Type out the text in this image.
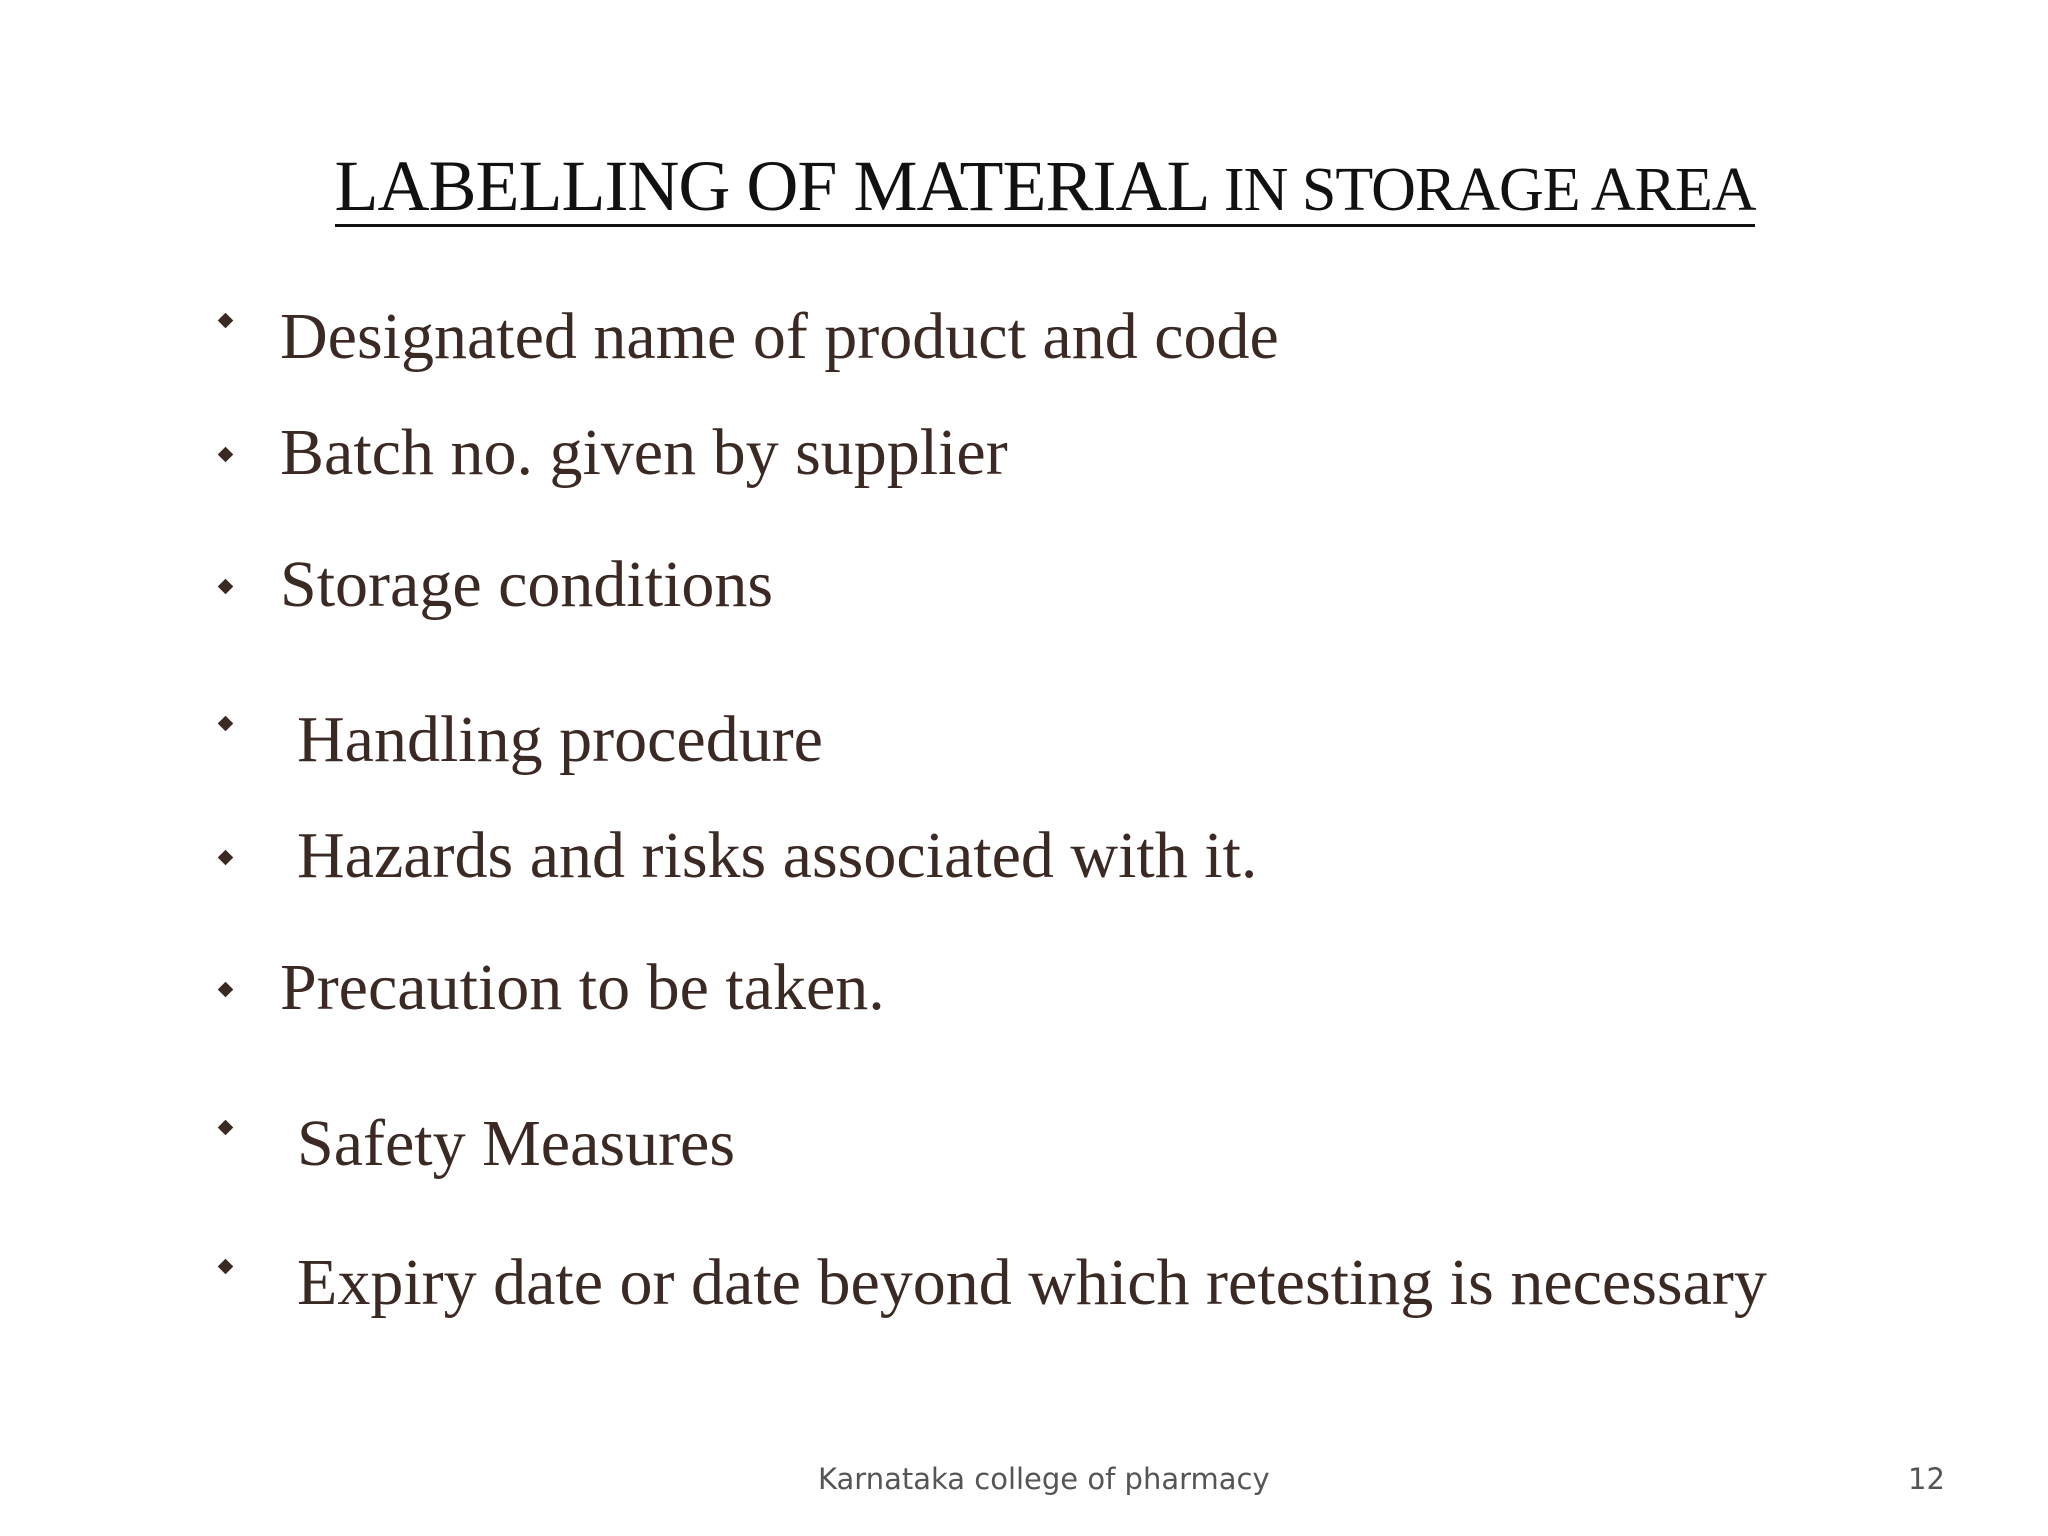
LABELLING OF MATERIAL IN STORAGE AREA
Designated name of product and code
Batch no. given by supplier
Storage conditions
Handling procedure
Hazards and risks associated with it.
Precaution to be taken.
Safety Measures
Expiry date or date beyond which retesting is necessary
Karnataka college of pharmacy	12
